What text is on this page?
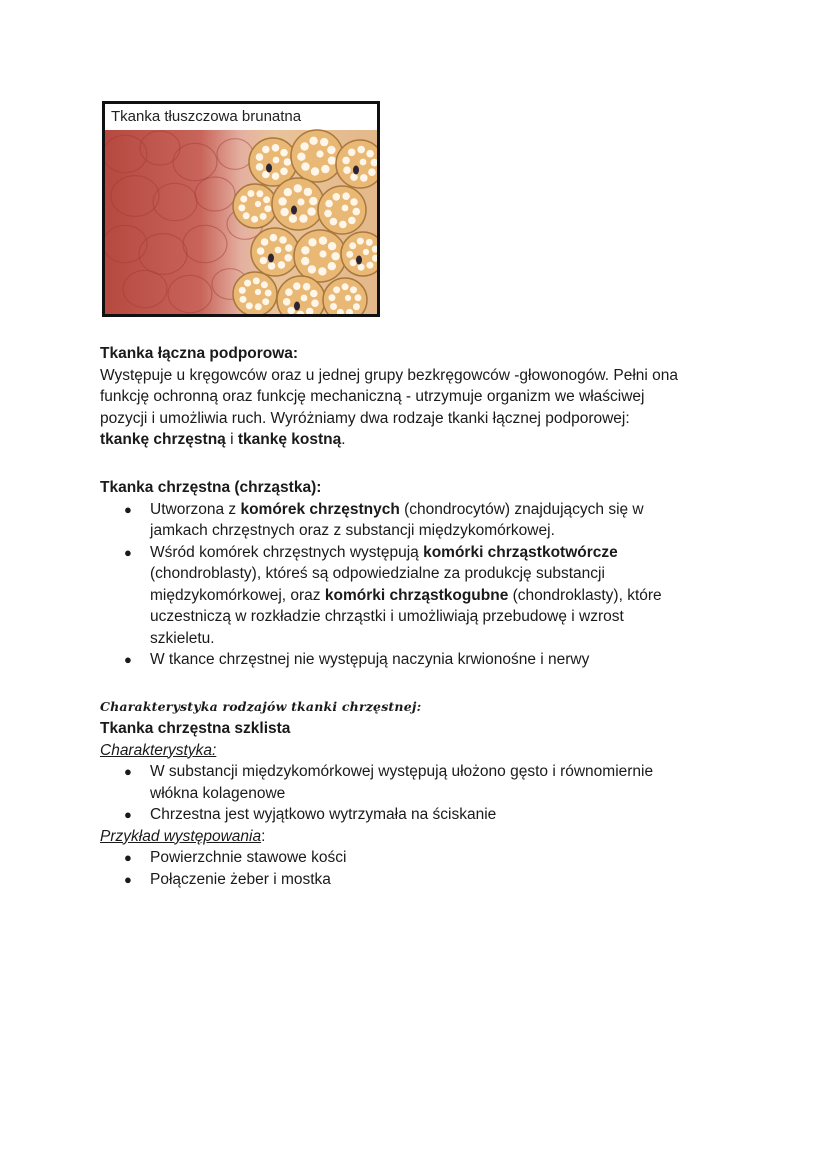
Tkanka tłuszczowa brunatna

Tkanka łączna podporowa:

Występuje u kręgowców oraz u jednej grupy bezkręgowców -głowonogów. Pełni ona

funkcję ochronną oraz funkcję mechaniczną - utrzymuje organizm we właściwej

pozycji i umożliwia ruch. Wyróżniamy dwa rodzaje tkanki łącznej podporowej:

tkankę chrzęstną i tkankę kostną.

Tkanka chrzęstna (chrząstka):

● Utworzona z komórek chrzęstnych (chondrocytów) znajdujących się w
jamkach chrzęstnych oraz z substancji międzykomórkowej.
● Wśród komórek chrzęstnych występują komórki chrząstkotwórcze
(chondroblasty), któreś są odpowiedzialne za produkcję substancji
międzykomórkowej, oraz komórki chrząstkogubne (chondroklasty), które
uczestniczą w rozkładzie chrząstki i umożliwiają przebudowę i wzrost
szkieletu.
● W tkance chrzęstnej nie występują naczynia krwionośne i nerwy

Charakterystyka rodzajów tkanki chrzęstnej:

Tkanka chrzęstna szklista

Charakterystyka:

● W substancji międzykomórkowej występują ułożono gęsto i równomiernie
włókna kolagenowe
● Chrzestna jest wyjątkowo wytrzymała na ściskanie

Przykład występowania:

● Powierzchnie stawowe kości
● Połączenie żeber i mostka
